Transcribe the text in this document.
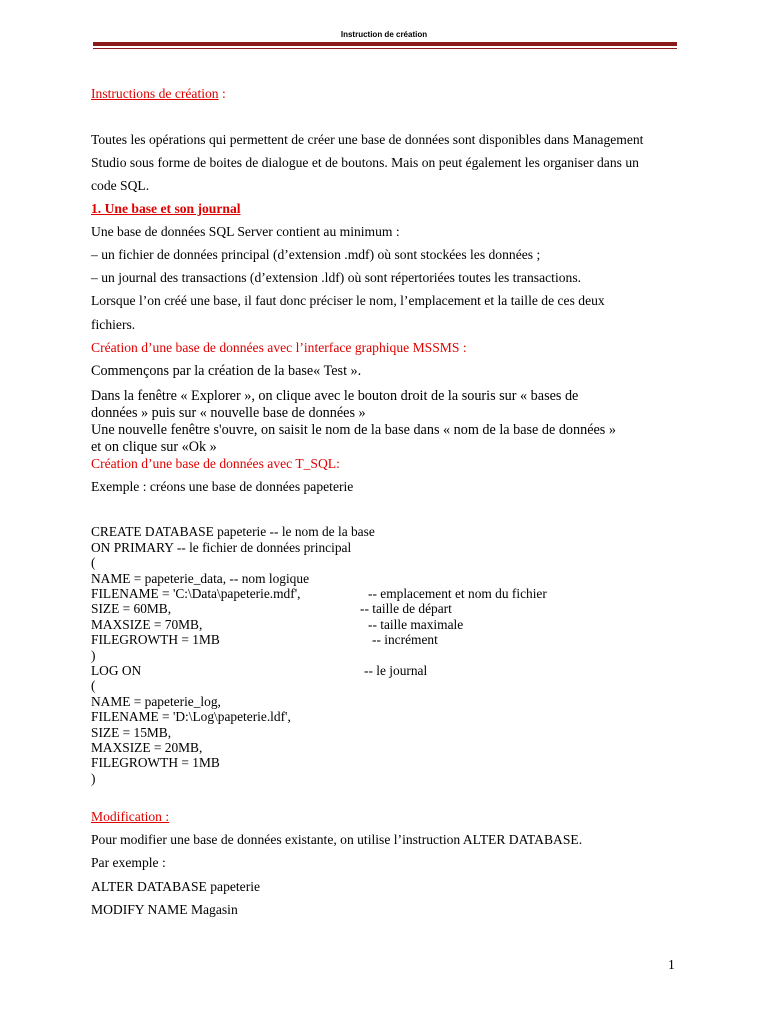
Instruction de création
Instructions de création :
Toutes les opérations qui permettent de créer une base de données sont disponibles dans Management
Studio sous forme de boites de dialogue et de boutons. Mais on peut également les organiser dans un
code SQL.
1. Une base et son journal
Une base de données SQL Server contient au minimum :
– un fichier de données principal (d’extension .mdf) où sont stockées les données ;
– un journal des transactions (d’extension .ldf) où sont répertoriées toutes les transactions.
Lorsque l’on créé une base, il faut donc préciser le nom, l’emplacement et la taille de ces deux
fichiers.
Création d’une base de données avec l’interface graphique MSSMS :
Commençons par la création de la base« Test ».
Dans la fenêtre « Explorer », on clique avec le bouton droit de la souris sur « bases de
données » puis sur « nouvelle base de données »
Une nouvelle fenêtre s'ouvre, on saisit le nom de la base dans « nom de la base de données »
et on clique sur «Ok »
Création d’une base de données avec T_SQL:
Exemple : créons une base de données papeterie
CREATE DATABASE papeterie -- le nom de la base
ON PRIMARY -- le fichier de données principal
(
NAME = papeterie_data, -- nom logique
FILENAME = 'C:\Data\papeterie.mdf',	-- emplacement et nom du fichier
SIZE = 60MB,	-- taille de départ
MAXSIZE = 70MB,	-- taille maximale
FILEGROWTH = 1MB	-- incrément
)
LOG ON	-- le journal
(
NAME = papeterie_log,
FILENAME = 'D:\Log\papeterie.ldf',
SIZE = 15MB,
MAXSIZE = 20MB,
FILEGROWTH = 1MB
)
Modification :
Pour modifier une base de données existante, on utilise l’instruction ALTER DATABASE.
Par exemple :
ALTER DATABASE papeterie
MODIFY NAME Magasin
1
